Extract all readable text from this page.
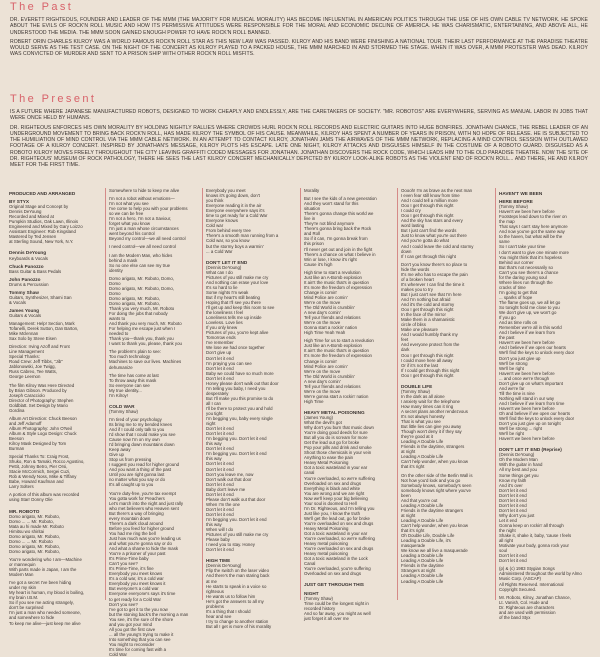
The Past

DR. EVERETT RIGHTEOUS, FOUNDER AND LEADER OF THE MMM (THE MAJORITY FOR MUSICAL MORALITY) HAS BECOME INFLUENTIAL IN AMERICAN POLITICS THROUGH THE USE OF HIS OWN CABLE TV NETWORK. HE SPOKE ABOUT THE EVILS OF ROCK'N ROLL MUSIC AND HOW ITS PERMISSIVE ATTITUDES WERE RESPONSIBLE FOR THE MORAL AND ECONOMIC DECLINE OF AMERICA. HE WAS CHARISMATIC, ENTERTAINING, AND ABOVE ALL, HE UNDERSTOOD THE MEDIA. THE MMM SOON GAINED ENOUGH POWER TO HAVE ROCK'N ROLL BANNED.

ROBERT ORIN CHARLES KILROY WAS A WORLD FAMOUS ROCK'N ROLL STAR AS THIS NEW LAW WAS PASSED. KILROY AND HIS BAND WERE FINISHING A NATIONAL TOUR. THEIR LAST PERFORMANCE AT THE PARADISE THEATRE WOULD SERVE AS THE TEST CASE. ON THE NIGHT OF THE CONCERT AS KILROY PLAYED TO A PACKED HOUSE, THE MMM MARCHED IN AND STORMED THE STAGE. WHEN IT WAS OVER, A MMM PROTESTER WAS DEAD. KILROY WAS CONVICTED OF MURDER AND SENT TO A PRISON SHIP WITH OTHER ROCK'N ROLL MISFITS.

The Present

IS A FUTURE WHERE JAPANESE MANUFACTURED ROBOTS, DESIGNED TO WORK CHEAPLY AND ENDLESSLY, ARE THE CARETAKERS OF SOCIETY. "MR. ROBOTOS" ARE EVERYWHERE, SERVING AS MANUAL LABOR IN JOBS THAT WERE ONCE HELD BY HUMANS.

DR. RIGHTEOUS ENFORCES HIS OWN MORALITY BY HOLDING NIGHTLY RALLIES WHERE CROWDS HURL ROCK'N ROLL RECORDS AND ELECTRIC GUITARS INTO HUGE BONFIRES. JONATHAN CHANCE, THE REBEL LEADER OF AN UNDERGROUND MOVEMENT TO BRING BACK ROCK'N ROLL, HAS MADE KILROY THE SYMBOL OF HIS CAUSE. MEANWHILE, KILROY HAS SPENT A NUMBER OF YEARS IN PRISON, WITH NO HOPE OF RELEASE. HE IS SUBJECTED TO THE HUMILIATION OF MIND CONTROL VIA THE MMM CABLE NETWORK. IN AN ATTEMPT TO CONTACT KILROY, JONATHAN JAMS THE AIRWAVES OF THE MMM NETWORK, REPLACING A MIND CONTROL SESSION WITH OUTLAWED FOOTAGE OF A KILROY CONCERT. INSPIRED BY JONATHAN'S MESSAGE, KILROY PLOTS HIS ESCAPE. LATE ONE NIGHT, KILROY ATTACKS AND DISGUISES HIMSELF IN THE COSTUME OF A ROBOTO GUARD. DISGUISED AS A ROBOTO KILROY MOVES FREELY THROUGHOUT THE CITY LEAVING GRAFFITI CODED MESSAGES FOR JONATHAN. JONATHAN DISCOVERS THE ROCK CODE, WHICH LEADS HIM TO THE OLD PARADISE THEATRE. NOW THE SITE OF DR. RIGHTEOUS' MUSEUM OF ROCK PATHOLOGY, THERE HE SEES THE LAST KILROY CONCERT MECHANICALLY DEPICTED BY KILROY LOOK-ALIKE ROBOTS AS THE VIOLENT END OF ROCK'N ROLL... AND THERE, HE AND KILROY MEET FOR THE FIRST TIME.

PRODUCED AND ARRANGED
BY STYX
Original Stage and Concept by
Dennis DeYoung
Recorded and Mixed at
Pumpkin Studios, Oak Lawn, Illinois
Engineered and Mixed by Gary Loizzo
Assistant Engineer: Rob Kingsland
Mastered by Ted Jensen
at Sterling Sound, New York, N.Y.
Dennis DeYoung
Keyboards & Vocals
Chuck Panozzo
Bass Guitar & Bass Pedals
John Panozzo
Drums & Percussion
Tommy Shaw
Guitars, Synthesizer, Shami San
& Vocals
James Young
Guitars & Vocals
Management: Help! Section, Mark
Tofanelli, Derek Sutton, Dan Barton,
Mike Mclennan
Sax Solo by Steve Eisen
Direction: Irving Azoff and Front
Line Management
Special Thanks:
Road Crew: Jeff Tibbs, "Jib"
Jablonowski, Joe Twigg,
Russ Cabreo, Tee Watts,
George Leemon
The film Kilroy Was Here Directed
by Brian Gibson. Produced by
Joseph Caracciolo
Director of Photography: Stephen
Goldblatt. Set Design by Mario
Gordina
Album Art Direction: Chuck Beeson
and Jeff Adamoff
Album Photography: John O'Neil
Album & Style Logo Design: Chuck
Beeson
Kilroy Mask Designed by Tom
Burman
Special Thanks To: Craig Frost,
Shuko, Ron & Tamaki, Rocco Agostino,
Pettit, Johnny Betro, Pier Orsi,
Stacie McCormich, Sergei Cuzi,
Rob & Wendy Noss, Mike & Tiffany
Babe, Howard Kaufman and
Larry Solters
A portion of this album was recorded
using Starr Donny Olie
MR. ROBOTO
Domo arigato, Mr. Roboto,
Domo ... ... Mr. Roboto,
Mata au hi made Mr. Roboto
Himitsu wo shiritai
Domo arigato, Mr. Roboto,
Domo ... ... Mr. Roboto
Domo arigato, Mr. Roboto,
Domo arigato, Mr. Roboto,
You're wondering who I am—Machine
or mannequin
With parts made in Japan, I am the
Modern Man
I've got a secret I've been hiding
under my skin
My heart is human, my blood is boiling,
my brain I.B.M.
So if you see me acting strangely,
don't be surprised
I'm just a man who needed someone,
and somewhere to hide
To keep me alive—just keep me alive
Somewhere to hide to keep me alive
I'm not a robot without emotions—
I'm not what you see
I've come to help you with your problems
so we can be free
I'm not a hero, I'm not a Saviour,
forget what you know
I'm just a man whose circumstances
went beyond his control
Beyond my control—we all need control
I need control—we all need control
I am the Modern Man, who hides
behind a mask
So no one else can see my true
identity
Domo arigato, Mr. Roboto, Domo,
Domo
Domo arigato, Mr. Roboto, Domo,
Domo
Domo arigato, Mr. Roboto,
Domo arigato, Mr. Roboto,
Thank you very much, Mr. Roboto
For doing the jobs that nobody
wants to
And thank you very much, Mr. Roboto
For helping me escape just when I
needed to
Thank you—thank you, thank you
I want to thank you, please, thank you
The problem's plain to see:
Too much technology
Machines to save our lives. Machines
dehumanize
The time has come at last
To throw away this mask
So everyone can see
My true identity...
I'm Kilroy!
COLD WAR
(Tommy Shaw)
I'm tired of your psychology
Its bring me to my bended knees
And if I could only talk to you
I'd show that I could make you see
Cause now I'm on my own
I'd bringing down mountains down
Keep away
Give up
Stop us from pressing
I suggest you read for higher ground
And you want a thing of the past
Until you are right gonna last
no matter what you say or do
It's all caught up to you
You're duty-free, you're tax exempt
You gotta work for Preachers
Let's march into the night and just rally
who met believers who Heaven sent
But there's a way of bringing
every mountain down
There's a dark cloud around
Before you feed for higher ground
You had me ring the bell
Just how much was you're leading us
and what you're gonna say or do
And what a shame to hide the mask
You're a prisoner of your past
It's Prime-Time baby
Can't you see?
It's Prime-Time, it's fine
Everybody you meet knows
It's a cold war, it's a cold war
Everybody you meet knows it
But everyone's a cold war
Everyone everyone's says it's time
to get ready for a Cold War
Don't you see?
I've got to get it to the you now
but the stoning back's the morning a man
You see, it's the sure of the shore
and you got your mind
All you got the first cave
... all the young's trying to make it
Into something that you can see
You might to reconsider
It's time for coming fast with a
Cold War
Everybody you meet
knows it's going down, don't
you think
Everyone reading it in the air
Everyone everywhere says it's
time to get ready for a Cold War
Everyone knows
Cold war
From behind every tree
There's a smooth man running from a
Cold war, so you know
but the stormy boys a warmin'
... a Cold War
DON'T LET IT END
(Dennis DeYoung)
What can I do
Pictures of you still make me cry
And nothing can erase your love
It's so hard to lie
Some nights I'm weak
But if my heart's still beating
Hoping that I'll see you there
I'll get up and keep this room to see
the loneliness I feel
Loneliness tells me up inside
Loveless. Love lies
If you only knew
Pictures of you, you're kept alive
Tomorrow ends
I've remember
We lose we had once together
Don't give up
Don't let it end
I'm praying you can see
Don't let it end
Baby we could have so much more
Don't let it end
Honey please don't walk out that door
I'm telling you baby, I need you
desperately
But I'll make you this promise to do
all I can
I'll be there to protect you and hold
you tight
I'm begging you, baby every single
night
Don't let it end
Don't let it end
I'm begging you. Don't let it end
this way
Don't let it end
I'm begging you. Don't let it end
this way
Don't let it end
Don't let it end
Don't you leave me, now
Don't walk out that door
Don't let it end
Baby don't leave me
Don't let it end
Please don't walk out that door
When I'm the one
Don't let it end
Don't let it end
I'm begging you. Don't let it end
this way
When will I do
Pictures of you still make me cry
Please baby
I need you to stay. Honey
Don't let it end
HIGH TIME
(Dennis DeYoung)
Flip the switch on the laser video
And there's the man staring back
at me
He starts to speak in a voice so
righteous
He wants us to follow him
He's got the answers to all my
problems
It's a thing that I should
hear and see
I try to change to another station
But all I get is more of his morality
Morality
But I see the kids of a new generation
And they won't stand for this
situation
There's gonna change this world we
live in
They're not blind anymore
There's gonna bring back the Rock
and Roll
So if it can, I'm gonna break from
this prison
I'll never get out and join in the fight
There's a chance on what I believe in
Win or lose, I know it's right
Cause it's high
High time to start a revolution
Just like an A-Bomb explosion
It ain't the music that's in question
It's more the freedom of expression
Change is comin'
Mind Police are comin'
We're on the move
The Old World is crumblin'
A new day's comin'
Tell your friends and relations
We're on the move
Gonna start a rockin' nation
High Time Yeah Yeah
High Time for us to start a revolution
Just like an A-Bomb explosion
It ain't the music that's in question
It's more the freedom of expression
Change is comin'
Mind Police are comin'
We're on the move
The Old World is crumblin'
A new day's comin'
Tell your friends and relations
We're on the move
We're gonna start a rockin' nation
High Time
HEAVY METAL POISONING
(James Young)
What the devil's got
Why don't you burn that music down
You're doing good deeds for sure
But all you do is scream for more
Get the lead out go for broke
Pop your pills and drink and smoke
Shoot those chemicals in your vein
Anything to ease the pain
Heavy Metal Poisoning
Got a toxic wasteland in your ear
canal
You're overloaded, so we're suffering
Overloaded on sex and drugs
Everything is black and white
You are wrong and we are right
Now we'll keep your big believing
Your soul is doomed to Hell
I'm Dr. Righteous, and I'm telling you
Just like you, I know the truth
We'll get the lead out, go for broke
You're overloaded on sex and drugs
Heavy Metal Poisoning
Got a toxic wasteland in your ear
You're overloaded, so we're suffering
Heavy metal poisoning
You're overloaded on sex and drugs
Heavy metal poisoning
Got a toxic wasteland in the Lock
Canal
You're overloaded, you're suffering
Overloaded on sex and drugs
JUST GET THROUGH THIS
NIGHT
(Tommy Shaw)
Time could be the longest night in
recorded history
And so far away, you might as well
just forget it all over me
Ooooh! I'm as brave as the next man
I even fear still know from time
And I could tell a million more
Ooo I get through this night
I could cry
Ooo I get through this night
And the sky has stars and every
word lasting
But I just can't find the words
Just to know what you're out there
And you're gotta do what
And I could leave the cold and stormy
down
If I can get through this night
Don't you know there's no place to
hide the words
It's me who has to escape the pain
of a broken heart
It's wherever I can find the time it
makes you to try
But I just can't see that I'm here
And I'm nothing but afraid
And it's the cold and stormy
Ooo I get through this night
In the face of the mirror
Make them in a shamanistic
circle of bliss
Make one pleasure
And I would humbly thank my
feet
And everyone protect from the
dark
Ooo I get through this night
I could move here all away
Or if it's not the last
If I could get through this night
Ooo I get through this night
DOUBLE LIFE
(Tommy Shaw)
In the dark as all alone
I anxiety wait for the telephone
How many times can it ring
A secret plans another rendezvous
It's not always honesty
That is what you see
But little lies can give you away
Though won't deny it if they say
they're good at it
Leading A Double Life
Friends in the daytime, strangers
at night
Leading A Double Life
Can't help wonder, when you know
that it's right
On the other side of the Berlin Wall is
Not how you'd look and you go
Somebody knows, somebody's seen
somebody knows right where you've
been
And that you're out
Leading A Double Life
Friends in the daytime strangers
at night
Leading A Double Life
Can't help wonder, when you know
that it's right
Oh Double Life, Double Life
Leading a Double Life, it's
masquerade
We know we all live a masquerade
Leading a Double Life
Leading A Double Life
Friends in the daytime
Strangers at night
Leading A Double Life
Leading A Double Life
HAVEN'T WE BEEN
HERE BEFORE
(Tommy Shaw)
Haven't we been here before
Footsteps lead down to the river on
the map
That says I can't stay here anymore
And now you've got the same way
to the haven, but what will be the
same
So I can't take your time
I don't want to give one minute more
You might think that it's hopeless
Behind our corner
But that's not necessarily so
Can't you see there's a chance
for the daring young soul
Where lines run through the
cracks of time
I'm going to get that
... sparks of hope
The flame goes up, we all let go
So tonight hold me close to you
We don't give up, we won't go
If you go
And as time rolls on
Remember we're all in this world
And I believe if we learn from
the past
Haven't we been here before
And I believe if we open our hearts
We'll find the keys to unlock every door
Don't you just give up
We'll be strong
We'll be right
Haven't we been here before
... and once we're through
Don't give up on what's important
And we're far
Till the time is nine
Nothing will stand in our way
And I believe if we learn from time
Haven't we been here before
Oh and believe if we open our hearts
We'll find the keys to unlock every door
Don't you just give up on tonight
We'll be strong ... right
We'll be right
Haven't we been here before
DON'T LET IT END (Reprise)
(Dennis DeYoung)
Oh the Modern Man
With the guitar in hand
All my best and you
Some things get you
Know my faith
And it's over
Don't let it end
Don't let it end
Don't let it end
Don't let it end
Don't let it end
Why don't you just
Let it end
Gonna keep on rockin' all through
the night
Shake it, shake it, baby, 'cause I feels
all right
Motivate your body, gonna rock your
soul
Don't let it end
Don't let it end
(p) & (c) 1983 Stygian Songs
Administered throughout the world by Almo
Music Corp. (ASCAP)
All Rights Reserved. International
Copyright Secured.
Mr. Roboto, Kilroy, Jonathan Chance,
Lt. Vanish, Col. Hude and
Dr. Righteous are characters
and are used with permission
of the band Styx
